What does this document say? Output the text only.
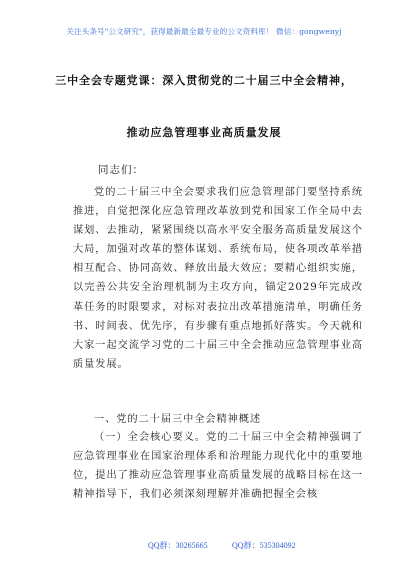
关注头条号"公文研究"，获得最新最全最专业的公文资料库！ 微信：gongwenyj
三中全会专题党课：深入贯彻党的二十届三中全会精神，
推动应急管理事业高质量发展
同志们：

党的二十届三中全会要求我们应急管理部门要坚持系统推进，自觉把深化应急管理改革放到党和国家工作全局中去谋划、去推动，紧紧围绕以高水平安全服务高质量发展这个大局，加强对改革的整体谋划、系统布局，使各项改革举措相互配合、协同高效、释放出最大效应；要精心组织实施，以完善公共安全治理机制为主攻方向，锚定2029年完成改革任务的时限要求，对标对表拉出改革措施清单，明确任务书、时间表、优先序，有步骤有重点地抓好落实。今天就和大家一起交流学习党的二十届三中全会推动应急管理事业高质量发展。

一、党的二十届三中全会精神概述

（一）全会核心要义。党的二十届三中全会精神强调了应急管理事业在国家治理体系和治理能力现代化中的重要地位，提出了推动应急管理事业高质量发展的战略目标在这一精神指导下，我们必须深刻理解并准确把握全会核

QQ群：30265665	QQ群：535304092
